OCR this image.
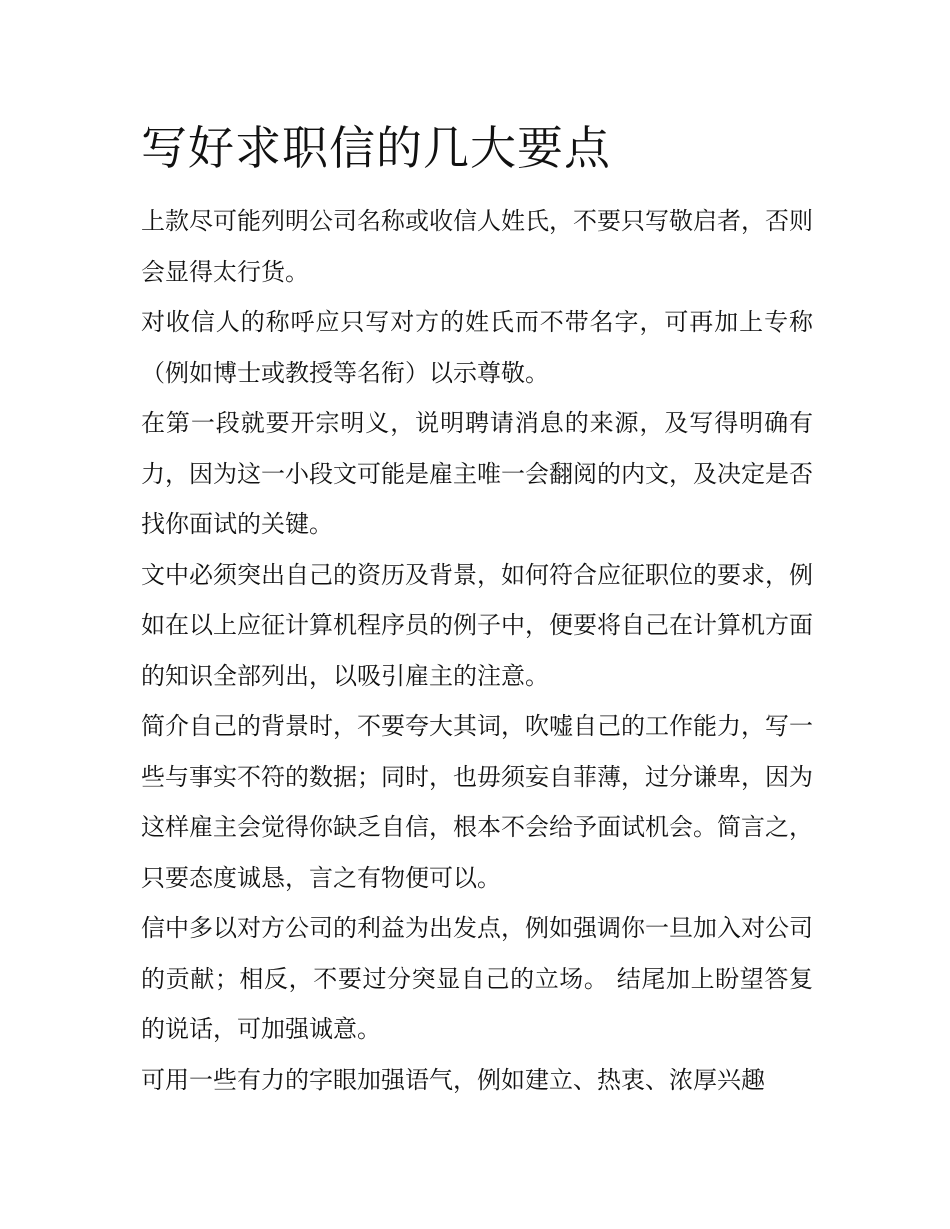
写好求职信的几大要点

上款尽可能列明公司名称或收信人姓氏，不要只写敬启者，否则会显得太行货。

对收信人的称呼应只写对方的姓氏而不带名字，可再加上专称（例如博士或教授等名衔）以示尊敬。

在第一段就要开宗明义，说明聘请消息的来源，及写得明确有力，因为这一小段文可能是雇主唯一会翻阅的内文，及决定是否找你面试的关键。

文中必须突出自己的资历及背景，如何符合应征职位的要求，例如在以上应征计算机程序员的例子中，便要将自己在计算机方面的知识全部列出，以吸引雇主的注意。

简介自己的背景时，不要夸大其词，吹嘘自己的工作能力，写一些与事实不符的数据；同时，也毋须妄自菲薄，过分谦卑，因为这样雇主会觉得你缺乏自信，根本不会给予面试机会。简言之，只要态度诚恳，言之有物便可以。

信中多以对方公司的利益为出发点，例如强调你一旦加入对公司的贡献；相反，不要过分突显自己的立场。 结尾加上盼望答复的说话，可加强诚意。

可用一些有力的字眼加强语气，例如建立、热衷、浓厚兴趣
